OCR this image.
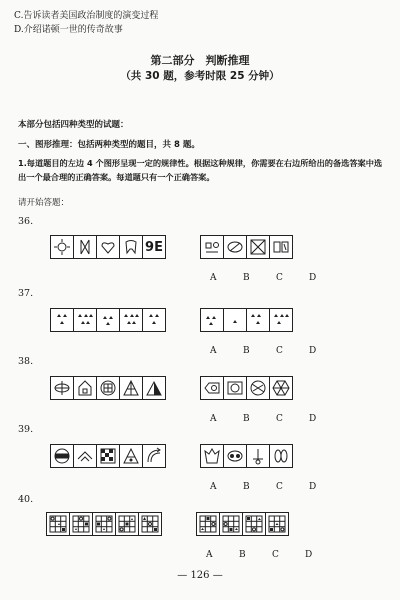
C.告诉读者美国政治制度的演变过程
D.介绍诺顿一世的传奇故事
第二部分　判断推理
（共 30 题，参考时限 25 分钟）
本部分包括四种类型的试题：
一、图形推理：包括两种类型的题目，共 8 题。
1.每道题目的左边 4 个图形呈现一定的规律性。根据这种规律，你需要在右边所给出的备选答案中选出一个最合理的正确答案。每道题只有一个正确答案。
请开始答题：
36.
9E
A	B	C	D
37.
A	B	C	D
38.
A	B	C	D
39.
A	B	C	D
40.
A	B	C	D
— 126 —
